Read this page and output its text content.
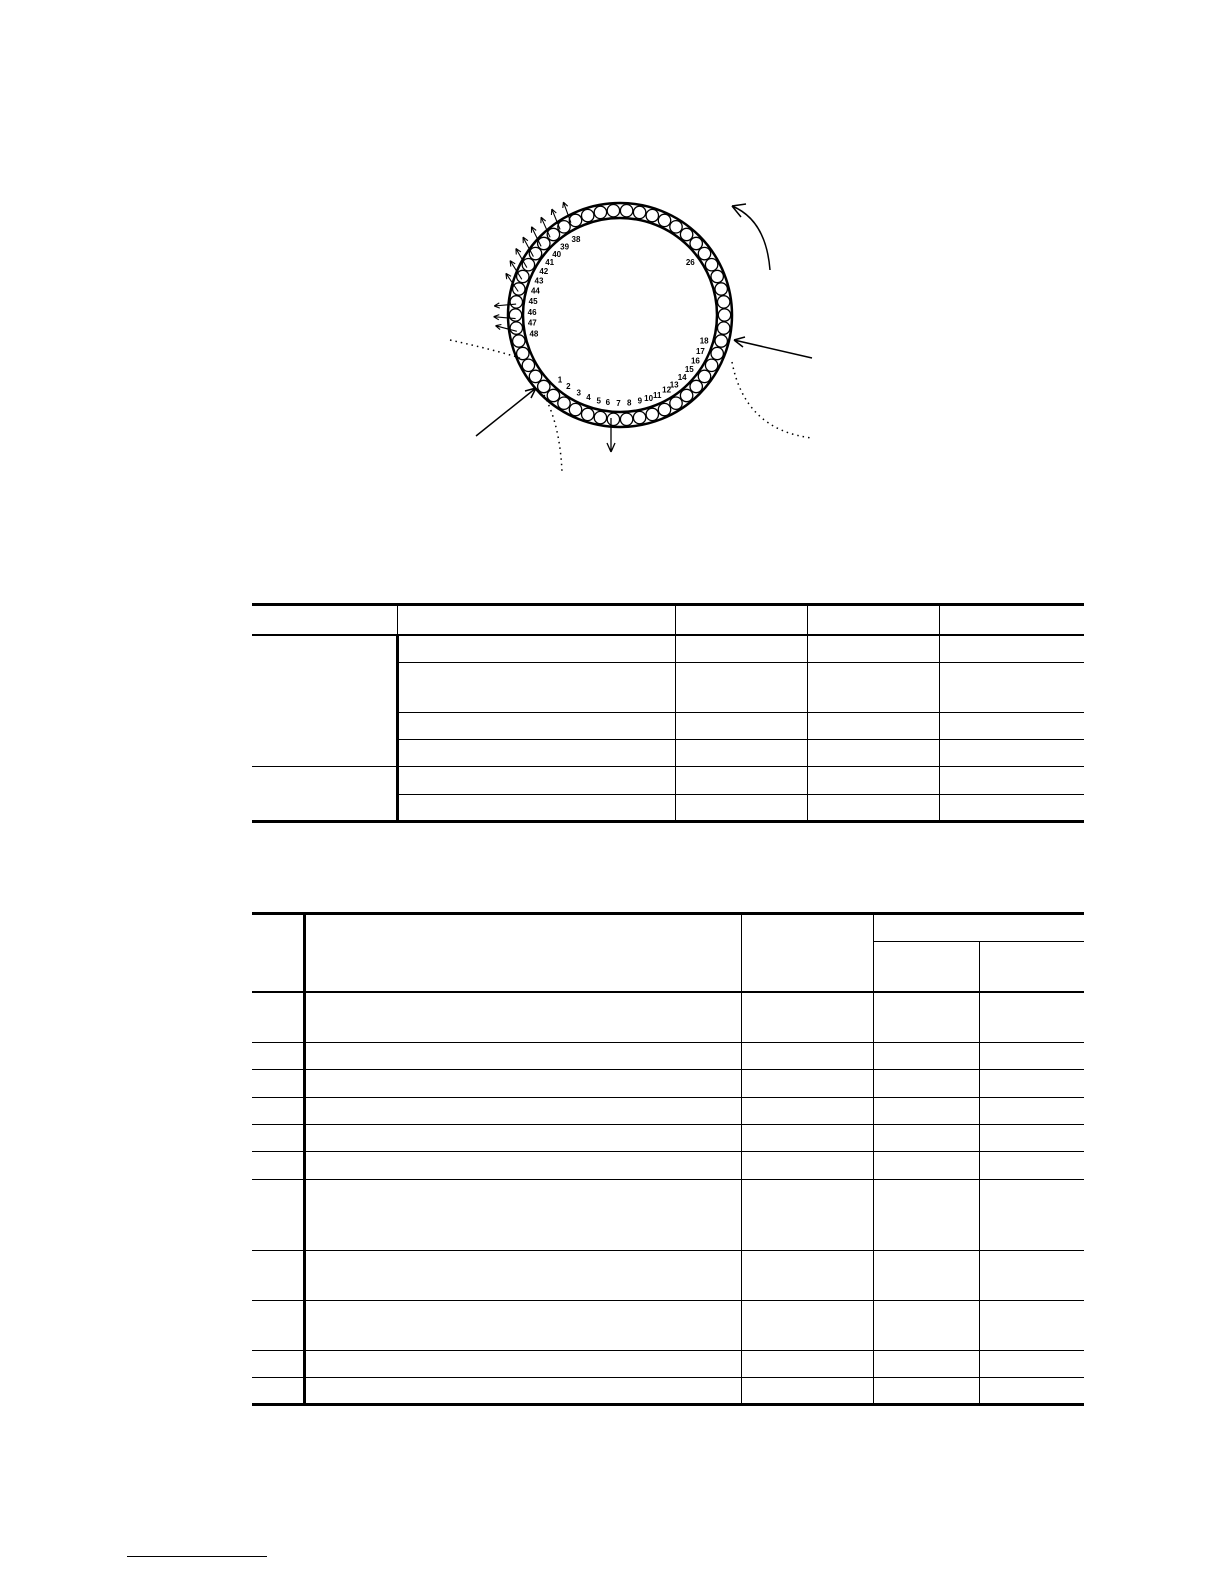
1
2
3 4 5 6 7 8 9 10 11
12
13
14
15
16
17
18
26
38
39
40
41
42
43
44
45
46
47
48
